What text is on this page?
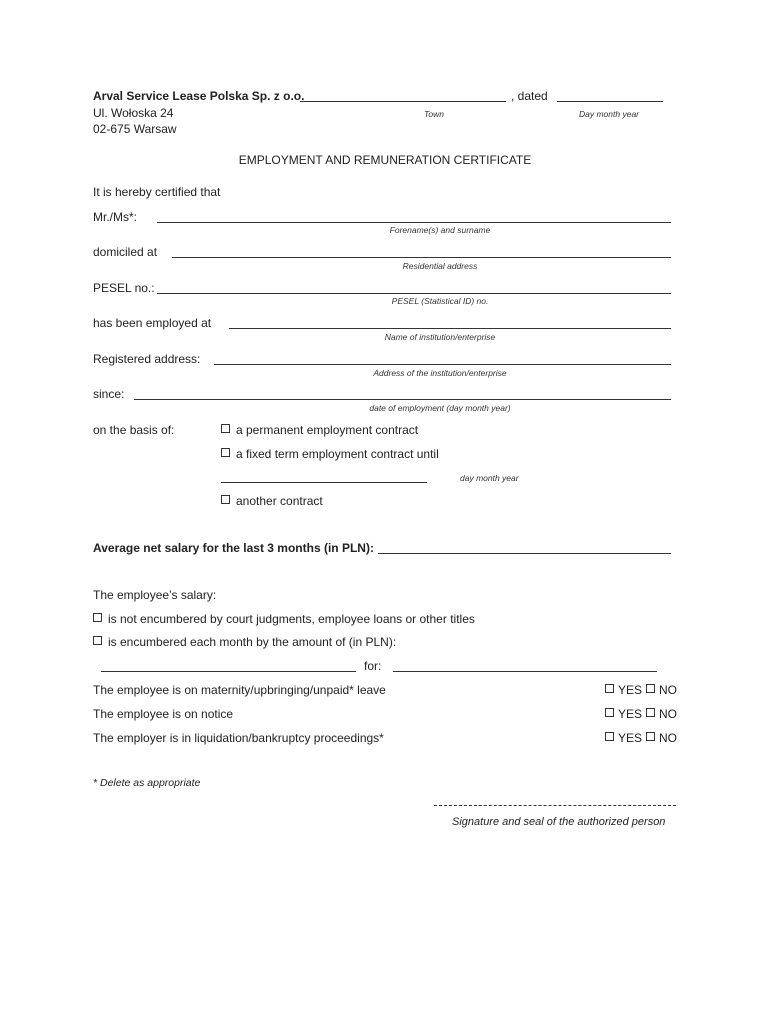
Arval Service Lease Polska Sp. z o.o.	, dated
Ul. Wołoska 24	Town	Day month year
02-675 Warsaw
EMPLOYMENT AND REMUNERATION CERTIFICATE
It is hereby certified that
Mr./Ms*:
Forename(s) and surname
domiciled at
Residential address
PESEL no.:
PESEL (Statistical ID) no.
has been employed at
Name of institution/enterprise
Registered address:
Address of the institution/enterprise
since:
date of employment (day month year)
on the basis of:	a permanent employment contract
a fixed term employment contract until
day month year
another contract
Average net salary for the last 3 months (in PLN):
The employee’s salary:
is not encumbered by court judgments, employee loans or other titles
is encumbered each month by the amount of (in PLN):
for:
The employee is on maternity/upbringing/unpaid* leave	YES NO
The employee is on notice	YES NO
The employer is in liquidation/bankruptcy proceedings*	YES NO
* Delete as appropriate
Signature and seal of the authorized person
